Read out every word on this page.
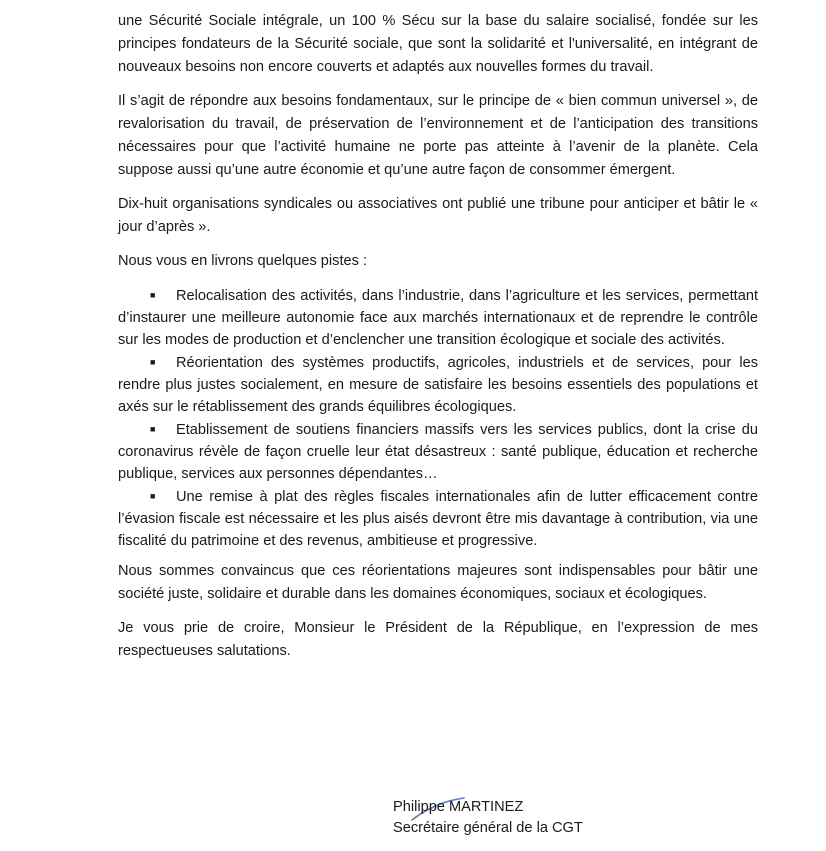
une Sécurité Sociale intégrale, un 100 % Sécu sur la base du salaire socialisé, fondée sur les principes fondateurs de la Sécurité sociale, que sont la solidarité et l'universalité, en intégrant de nouveaux besoins non encore couverts et adaptés aux nouvelles formes du travail.

Il s’agit de répondre aux besoins fondamentaux, sur le principe de « bien commun universel », de revalorisation du travail, de préservation de l’environnement et de l’anticipation des transitions nécessaires pour que l’activité humaine ne porte pas atteinte à l’avenir de la planète. Cela suppose aussi qu’une autre économie et qu’une autre façon de consommer émergent.

Dix-huit organisations syndicales ou associatives ont publié une tribune pour anticiper et bâtir le « jour d’après ».

Nous vous en livrons quelques pistes :

■ Relocalisation des activités, dans l’industrie, dans l’agriculture et les services, permettant d’instaurer une meilleure autonomie face aux marchés internationaux et de reprendre le contrôle sur les modes de production et d’enclencher une transition écologique et sociale des activités.
■ Réorientation des systèmes productifs, agricoles, industriels et de services, pour les rendre plus justes socialement, en mesure de satisfaire les besoins essentiels des populations et axés sur le rétablissement des grands équilibres écologiques.
■ Etablissement de soutiens financiers massifs vers les services publics, dont la crise du coronavirus révèle de façon cruelle leur état désastreux : santé publique, éducation et recherche publique, services aux personnes dépendantes…
■ Une remise à plat des règles fiscales internationales afin de lutter efficacement contre l’évasion fiscale est nécessaire et les plus aisés devront être mis davantage à contribution, via une fiscalité du patrimoine et des revenus, ambitieuse et progressive.

Nous sommes convaincus que ces réorientations majeures sont indispensables pour bâtir une société juste, solidaire et durable dans les domaines économiques, sociaux et écologiques.

Je vous prie de croire, Monsieur le Président de la République, en l’expression de mes respectueuses salutations.

Philippe MARTINEZ
Secrétaire général de la CGT
